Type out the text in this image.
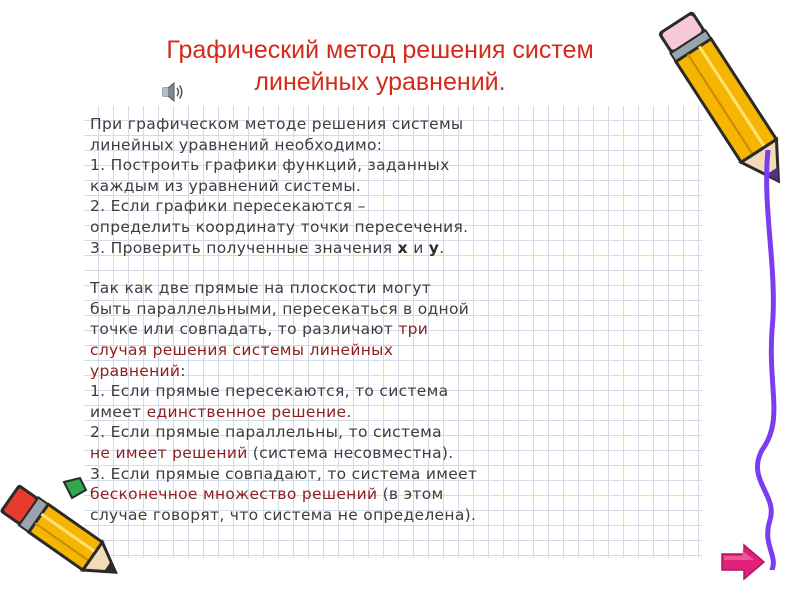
Графический метод решения систем
линейных уравнений.
При графическом методе решения системы
линейных уравнений необходимо:
1. Построить графики функций, заданных
каждым из уравнений системы.
2. Если графики пересекаются –
определить координату точки пересечения.
3. Проверить полученные значения х и у.
Так как две прямые на плоскости могут
быть параллельными, пересекаться в одной
точке или совпадать, то различают три
случая решения системы линейных
уравнений:
1. Если прямые пересекаются, то система
имеет единственное решение.
2. Если прямые параллельны, то система
не имеет решений (система несовместна).
3. Если прямые совпадают, то система имеет
бесконечное множество решений (в этом
случае говорят, что система не определена).
